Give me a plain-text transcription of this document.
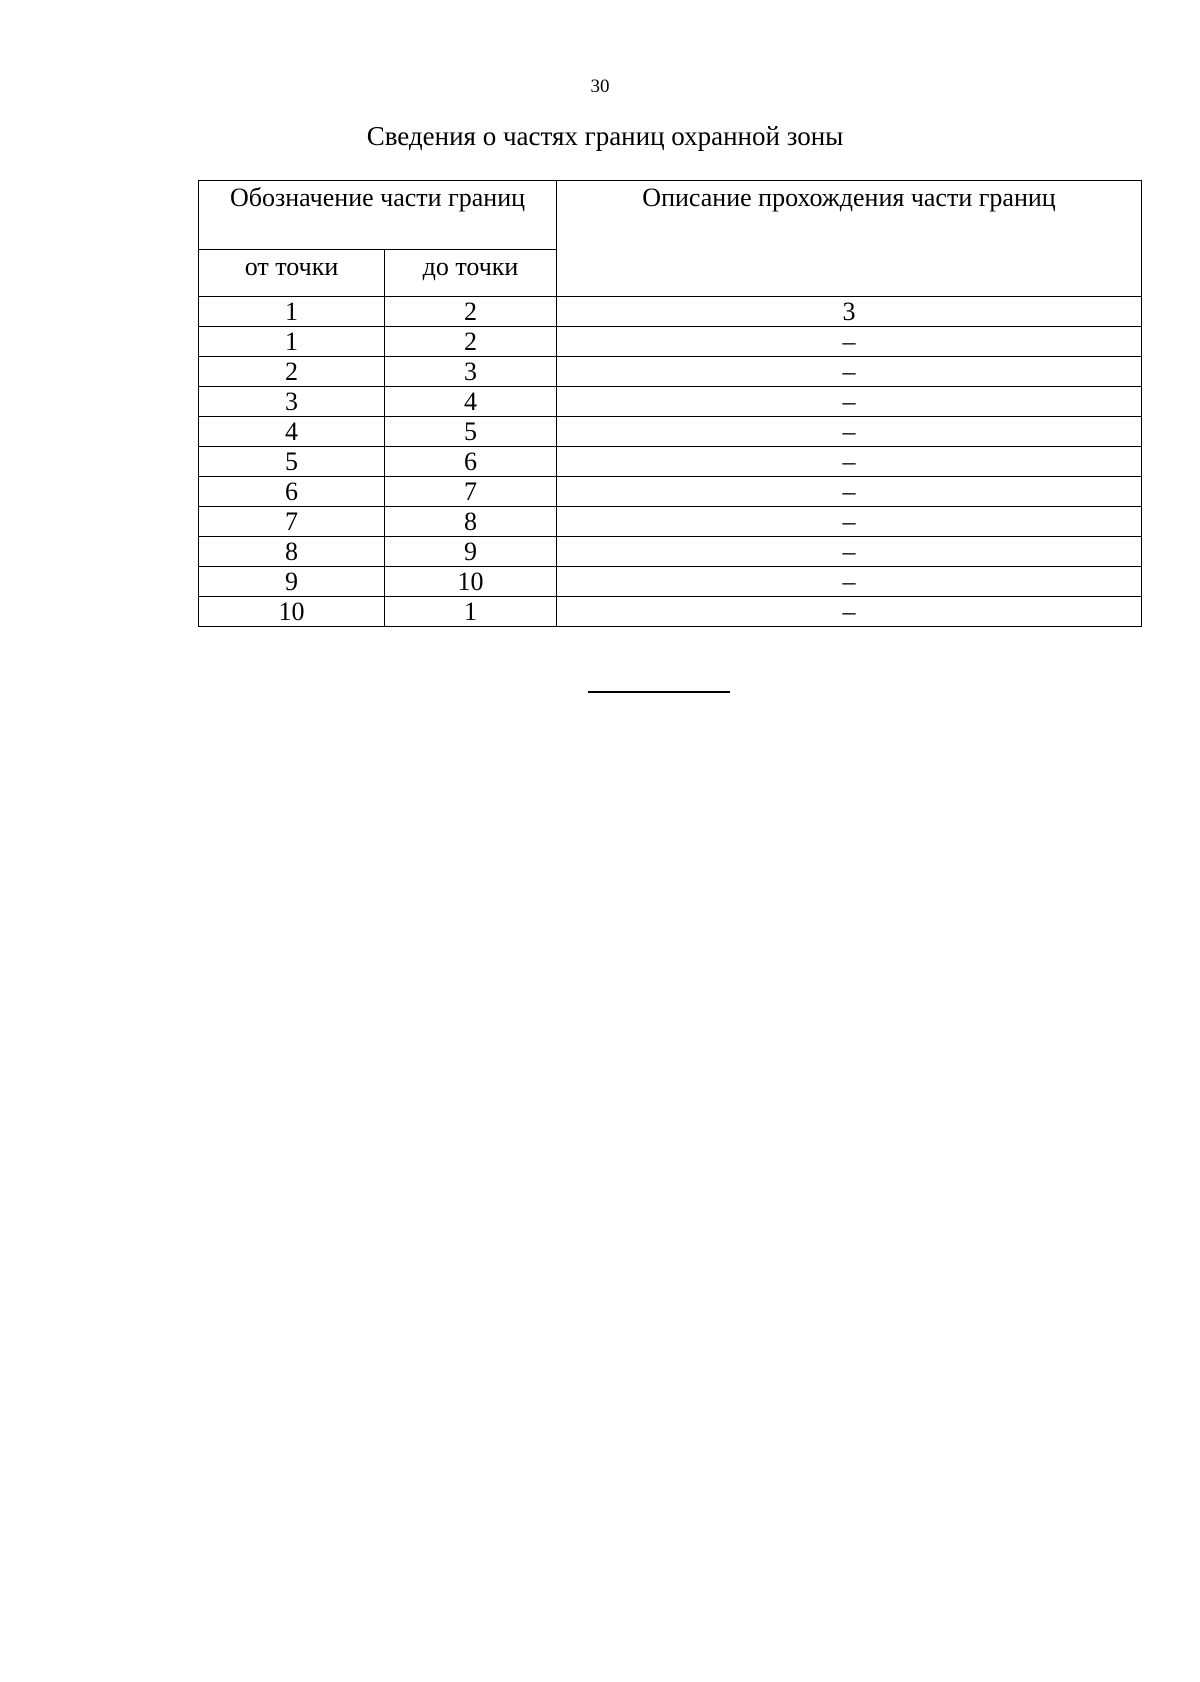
30
Сведения о частях границ охранной зоны
Обозначение части границ		Описание прохождения части границ
от точки	до точки	
1	2	3
1	2	–
2	3	–
3	4	–
4	5	–
5	6	–
6	7	–
7	8	–
8	9	–
9	10	–
10	1	–
